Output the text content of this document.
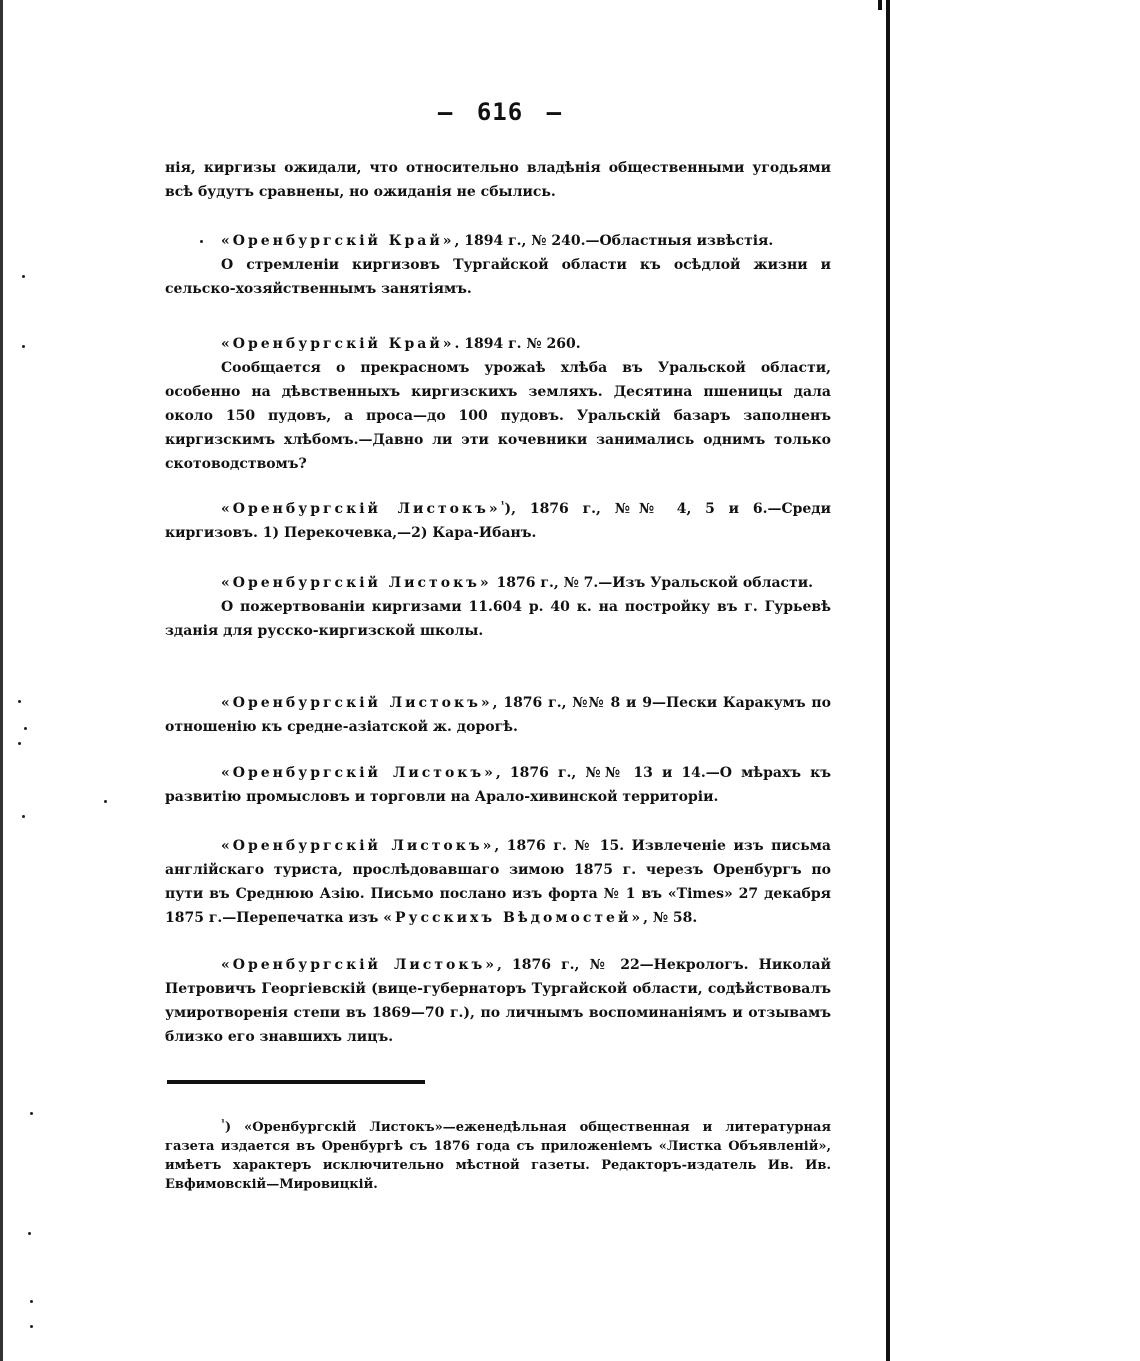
— 616 —

нія, киргизы ожидали, что относительно владѣнія общественными угодьями всѣ будутъ сравнены, но ожиданія не сбылись.

«Оренбургскій Край», 1894 г., № 240.—Областныя извѣстія.

О стремленіи киргизовъ Тургайской области къ осѣдлой жизни и сельско-хозяйственнымъ занятіямъ.

«Оренбургскій Край». 1894 г. № 260.

Сообщается о прекрасномъ урожаѣ хлѣба въ Уральской области, особенно на дѣвственныхъ киргизскихъ земляхъ. Десятина пшеницы дала около 150 пудовъ, а проса—до 100 пудовъ. Уральскій базаръ заполненъ киргизскимъ хлѣбомъ.—Давно ли эти кочевники занимались однимъ только скотоводствомъ?

«Оренбургскій Листокъ»$^{^1}$), 1876 г., №№ 4, 5 и 6.—Среди киргизовъ. 1) Перекочевка,—2) Кара-Ибанъ.

«Оренбургскій Листокъ» 1876 г., № 7.—Изъ Уральской области.

О пожертвованіи киргизами 11.604 р. 40 к. на постройку въ г. Гурьевѣ зданія для русско-киргизской школы.

«Оренбургскій Листокъ», 1876 г., №№ 8 и 9—Пески Каракумъ по отношенію къ средне-азіатской ж. дорогѣ.

«Оренбургскій Листокъ», 1876 г., №№ 13 и 14.—О мѣрахъ къ развитію промысловъ и торговли на Арало-хивинской территоріи.

«Оренбургскій Листокъ», 1876 г. № 15. Извлеченіе изъ письма англійскаго туриста, прослѣдовавшаго зимою 1875 г. черезъ Оренбургъ по пути въ Среднюю Азію. Письмо послано изъ форта № 1 въ «Times» 27 декабря 1875 г.—Перепечатка изъ «Русскихъ Вѣдомостей», № 58.

«Оренбургскій Листокъ», 1876 г., № 22—Некрологъ. Николай Петровичъ Георгіевскій (вице-губернаторъ Тургайской области, содѣйствовалъ умиротворенія степи въ 1869—70 г.), по личнымъ воспоминаніямъ и отзывамъ близко его знавшихъ лицъ.

$^{^1}$) «Оренбургскій Листокъ»—еженедѣльная общественная и литературная газета издается въ Оренбургѣ съ 1876 года съ приложеніемъ «Листка Объявленій», имѣетъ характеръ исключительно мѣстной газеты. Редакторъ-издатель Ив. Ив. Евфимовскій—Мировицкій.
